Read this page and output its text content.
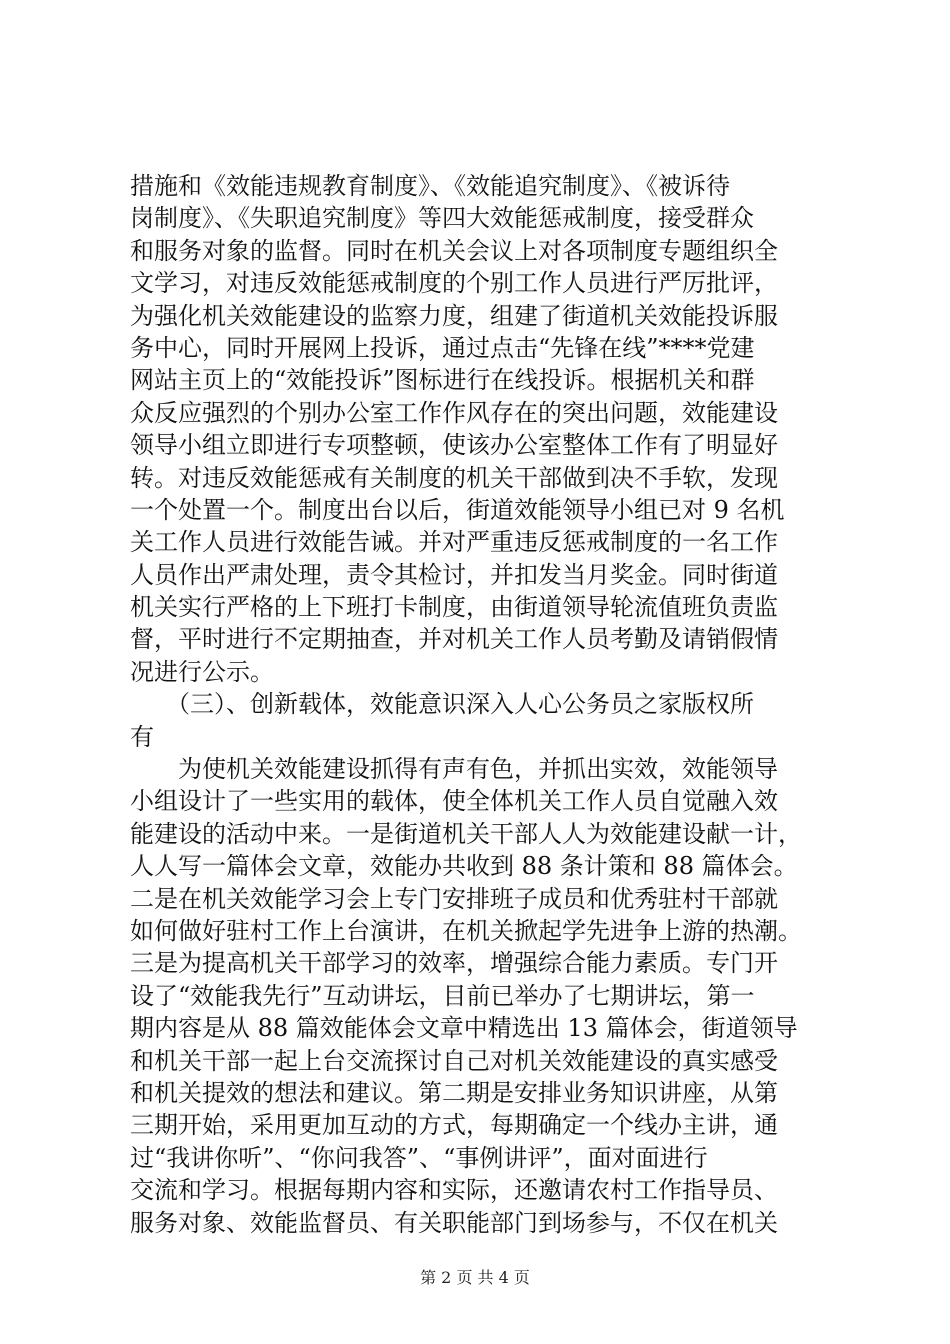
措施和《效能违规教育制度》、《效能追究制度》、《被诉待
岗制度》、《失职追究制度》等四大效能惩戒制度，接受群众
和服务对象的监督。同时在机关会议上对各项制度专题组织全
文学习，对违反效能惩戒制度的个别工作人员进行严厉批评，
为强化机关效能建设的监察力度，组建了街道机关效能投诉服
务中心，同时开展网上投诉，通过点击“先锋在线”****党建
网站主页上的“效能投诉”图标进行在线投诉。根据机关和群
众反应强烈的个别办公室工作作风存在的突出问题，效能建设
领导小组立即进行专项整顿，使该办公室整体工作有了明显好
转。对违反效能惩戒有关制度的机关干部做到决不手软，发现
一个处置一个。制度出台以后，街道效能领导小组已对 9 名机
关工作人员进行效能告诫。并对严重违反惩戒制度的一名工作
人员作出严肃处理，责令其检讨，并扣发当月奖金。同时街道
机关实行严格的上下班打卡制度，由街道领导轮流值班负责监
督，平时进行不定期抽查，并对机关工作人员考勤及请销假情
况进行公示。
　　（三）、创新载体，效能意识深入人心公务员之家版权所
有
　　为使机关效能建设抓得有声有色，并抓出实效，效能领导
小组设计了一些实用的载体，使全体机关工作人员自觉融入效
能建设的活动中来。一是街道机关干部人人为效能建设献一计，
人人写一篇体会文章，效能办共收到 88 条计策和 88 篇体会。
二是在机关效能学习会上专门安排班子成员和优秀驻村干部就
如何做好驻村工作上台演讲，在机关掀起学先进争上游的热潮。
三是为提高机关干部学习的效率，增强综合能力素质。专门开
设了“效能我先行”互动讲坛，目前已举办了七期讲坛，第一
期内容是从 88 篇效能体会文章中精选出 13 篇体会，街道领导
和机关干部一起上台交流探讨自己对机关效能建设的真实感受
和机关提效的想法和建议。第二期是安排业务知识讲座，从第
三期开始，采用更加互动的方式，每期确定一个线办主讲，通
过“我讲你听”、“你问我答”、“事例讲评”，面对面进行
交流和学习。根据每期内容和实际，还邀请农村工作指导员、
服务对象、效能监督员、有关职能部门到场参与，不仅在机关
第 2 页 共 4 页
